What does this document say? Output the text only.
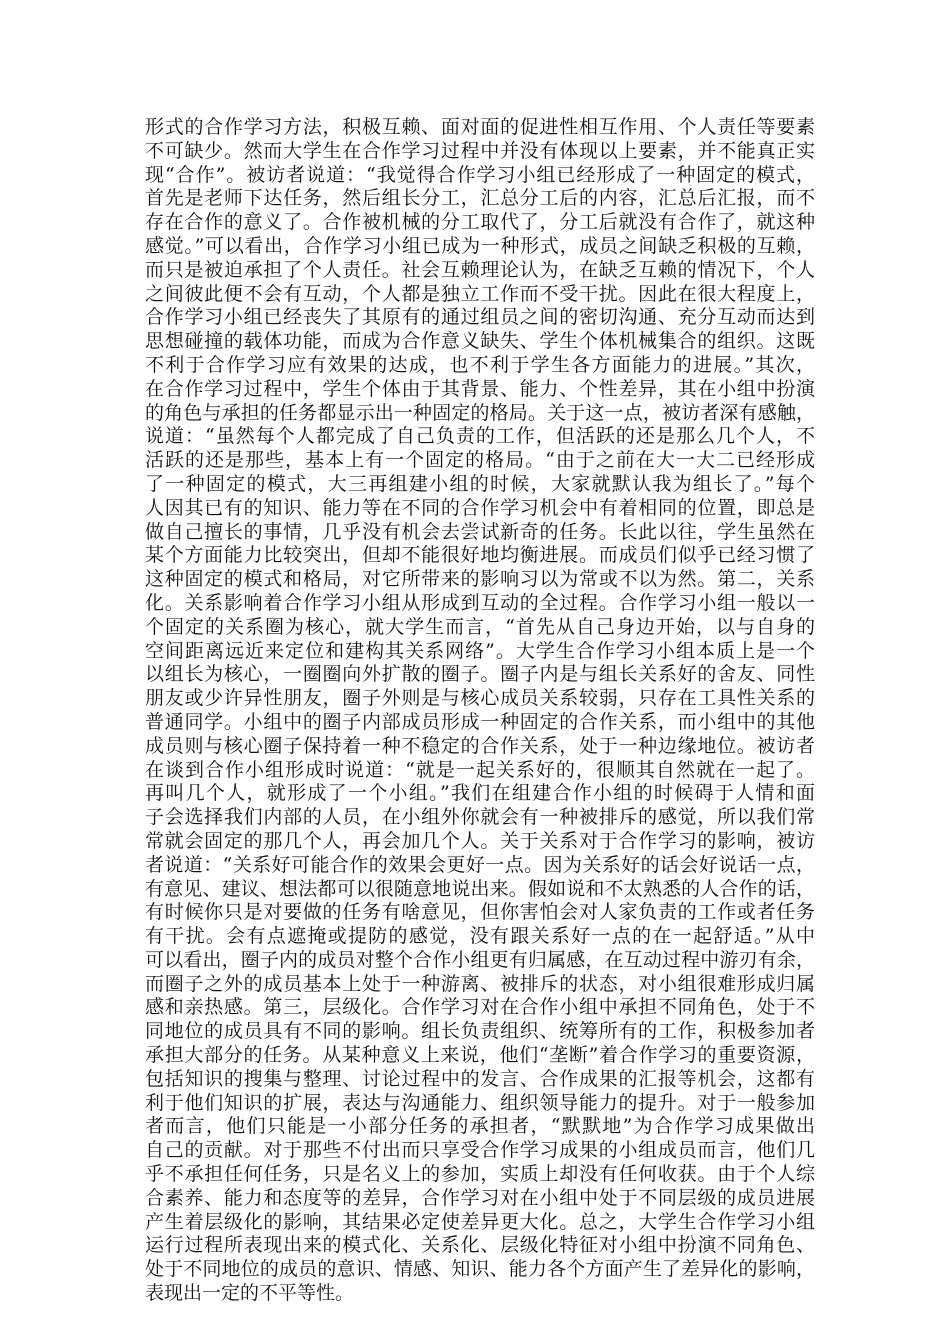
形式的合作学习方法，积极互赖、面对面的促进性相互作用、个人责任等要素
不可缺少。然而大学生在合作学习过程中并没有体现以上要素，并不能真正实
现“合作”。被访者说道：“我觉得合作学习小组已经形成了一种固定的模式，
首先是老师下达任务，然后组长分工，汇总分工后的内容，汇总后汇报，而不
存在合作的意义了。合作被机械的分工取代了，分工后就没有合作了，就这种
感觉。”可以看出，合作学习小组已成为一种形式，成员之间缺乏积极的互赖，
而只是被迫承担了个人责任。社会互赖理论认为，在缺乏互赖的情况下，个人
之间彼此便不会有互动，个人都是独立工作而不受干扰。因此在很大程度上，
合作学习小组已经丧失了其原有的通过组员之间的密切沟通、充分互动而达到
思想碰撞的载体功能，而成为合作意义缺失、学生个体机械集合的组织。这既
不利于合作学习应有效果的达成，也不利于学生各方面能力的进展。”其次，
在合作学习过程中，学生个体由于其背景、能力、个性差异，其在小组中扮演
的角色与承担的任务都显示出一种固定的格局。关于这一点，被访者深有感触，
说道：“虽然每个人都完成了自己负责的工作，但活跃的还是那么几个人，不
活跃的还是那些，基本上有一个固定的格局。“由于之前在大一大二已经形成
了一种固定的模式，大三再组建小组的时候，大家就默认我为组长了。”每个
人因其已有的知识、能力等在不同的合作学习机会中有着相同的位置，即总是
做自己擅长的事情，几乎没有机会去尝试新奇的任务。长此以往，学生虽然在
某个方面能力比较突出，但却不能很好地均衡进展。而成员们似乎已经习惯了
这种固定的模式和格局，对它所带来的影响习以为常或不以为然。第二，关系
化。关系影响着合作学习小组从形成到互动的全过程。合作学习小组一般以一
个固定的关系圈为核心，就大学生而言，“首先从自己身边开始，以与自身的
空间距离远近来定位和建构其关系网络”。大学生合作学习小组本质上是一个
以组长为核心，一圈圈向外扩散的圈子。圈子内是与组长关系好的舍友、同性
朋友或少许异性朋友，圈子外则是与核心成员关系较弱，只存在工具性关系的
普通同学。小组中的圈子内部成员形成一种固定的合作关系，而小组中的其他
成员则与核心圈子保持着一种不稳定的合作关系，处于一种边缘地位。被访者
在谈到合作小组形成时说道：“就是一起关系好的，很顺其自然就在一起了。
再叫几个人，就形成了一个小组。”我们在组建合作小组的时候碍于人情和面
子会选择我们内部的人员，在小组外你就会有一种被排斥的感觉，所以我们常
常就会固定的那几个人，再会加几个人。关于关系对于合作学习的影响，被访
者说道：“关系好可能合作的效果会更好一点。因为关系好的话会好说话一点，
有意见、建议、想法都可以很随意地说出来。假如说和不太熟悉的人合作的话，
有时候你只是对要做的任务有啥意见，但你害怕会对人家负责的工作或者任务
有干扰。会有点遮掩或提防的感觉，没有跟关系好一点的在一起舒适。”从中
可以看出，圈子内的成员对整个合作小组更有归属感，在互动过程中游刃有余，
而圈子之外的成员基本上处于一种游离、被排斥的状态，对小组很难形成归属
感和亲热感。第三，层级化。合作学习对在合作小组中承担不同角色，处于不
同地位的成员具有不同的影响。组长负责组织、统筹所有的工作，积极参加者
承担大部分的任务。从某种意义上来说，他们“垄断”着合作学习的重要资源，
包括知识的搜集与整理、讨论过程中的发言、合作成果的汇报等机会，这都有
利于他们知识的扩展，表达与沟通能力、组织领导能力的提升。对于一般参加
者而言，他们只能是一小部分任务的承担者，“默默地”为合作学习成果做出
自己的贡献。对于那些不付出而只享受合作学习成果的小组成员而言，他们几
乎不承担任何任务，只是名义上的参加，实质上却没有任何收获。由于个人综
合素养、能力和态度等的差异，合作学习对在小组中处于不同层级的成员进展
产生着层级化的影响，其结果必定使差异更大化。总之，大学生合作学习小组
运行过程所表现出来的模式化、关系化、层级化特征对小组中扮演不同角色、
处于不同地位的成员的意识、情感、知识、能力各个方面产生了差异化的影响，
表现出一定的不平等性。
